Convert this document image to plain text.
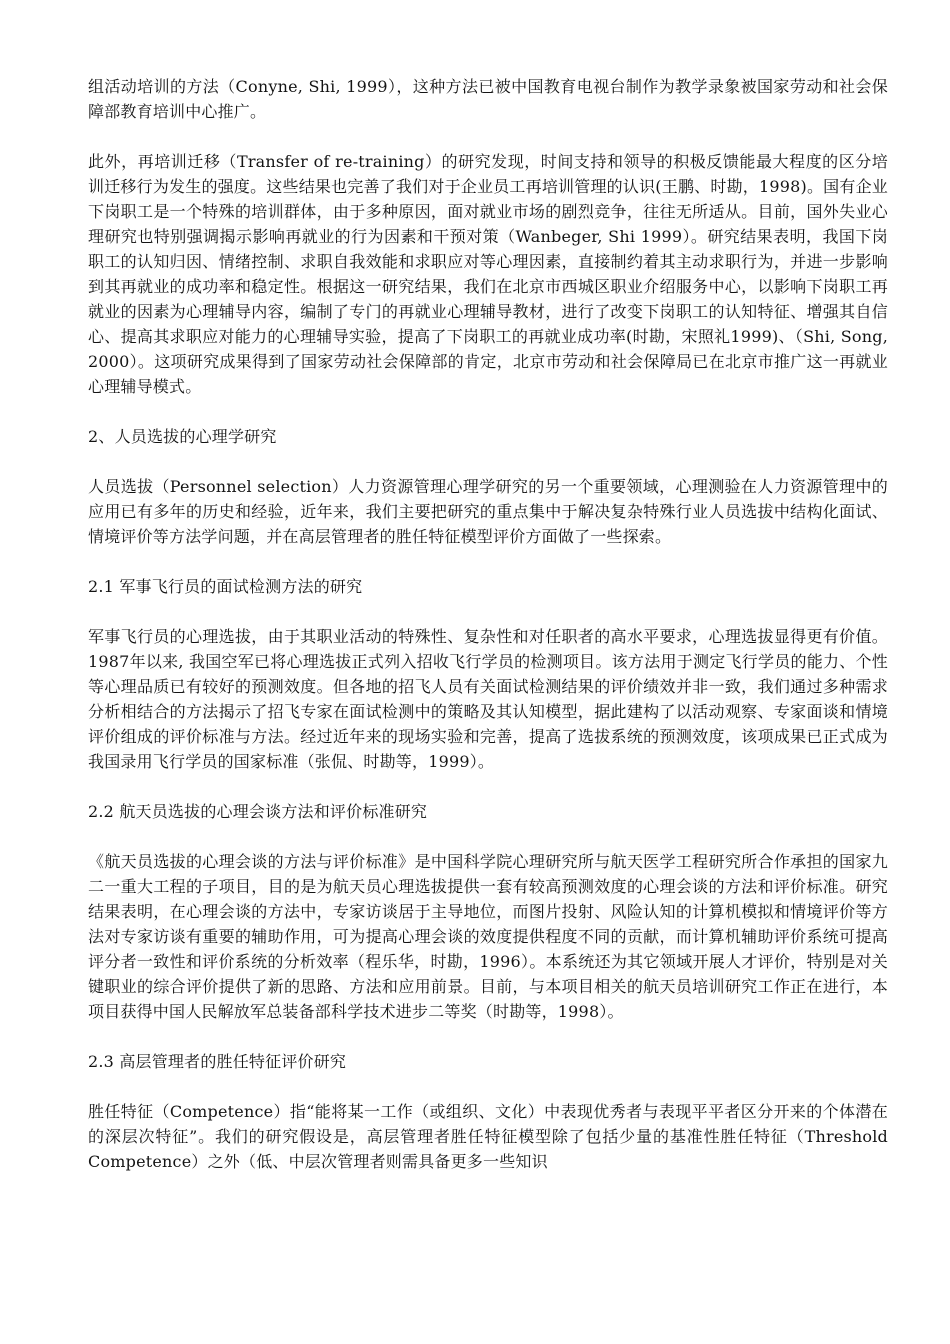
组活动培训的方法（Conyne, Shi, 1999），这种方法已被中国教育电视台制作为教学录象被国家劳动和社会保障部教育培训中心推广。

此外，再培训迁移（Transfer of re-training）的研究发现，时间支持和领导的积极反馈能最大程度的区分培训迁移行为发生的强度。这些结果也完善了我们对于企业员工再培训管理的认识(王鹏、时勘，1998)。国有企业下岗职工是一个特殊的培训群体，由于多种原因，面对就业市场的剧烈竞争，往往无所适从。目前，国外失业心理研究也特别强调揭示影响再就业的行为因素和干预对策（Wanbeger, Shi 1999）。研究结果表明，我国下岗职工的认知归因、情绪控制、求职自我效能和求职应对等心理因素，直接制约着其主动求职行为，并进一步影响到其再就业的成功率和稳定性。根据这一研究结果，我们在北京市西城区职业介绍服务中心，以影响下岗职工再就业的因素为心理辅导内容，编制了专门的再就业心理辅导教材，进行了改变下岗职工的认知特征、增强其自信心、提高其求职应对能力的心理辅导实验，提高了下岗职工的再就业成功率(时勘，宋照礼1999)、（Shi, Song, 2000）。这项研究成果得到了国家劳动社会保障部的肯定，北京市劳动和社会保障局已在北京市推广这一再就业心理辅导模式。

2、人员选拔的心理学研究

人员选拔（Personnel selection）人力资源管理心理学研究的另一个重要领域，心理测验在人力资源管理中的应用已有多年的历史和经验，近年来，我们主要把研究的重点集中于解决复杂特殊行业人员选拔中结构化面试、情境评价等方法学问题，并在高层管理者的胜任特征模型评价方面做了一些探索。

2.1 军事飞行员的面试检测方法的研究

军事飞行员的心理选拔，由于其职业活动的特殊性、复杂性和对任职者的高水平要求，心理选拔显得更有价值。1987年以来, 我国空军已将心理选拔正式列入招收飞行学员的检测项目。该方法用于测定飞行学员的能力、个性等心理品质已有较好的预测效度。但各地的招飞人员有关面试检测结果的评价绩效并非一致，我们通过多种需求分析相结合的方法揭示了招飞专家在面试检测中的策略及其认知模型，据此建构了以活动观察、专家面谈和情境评价组成的评价标准与方法。经过近年来的现场实验和完善，提高了选拔系统的预测效度，该项成果已正式成为我国录用飞行学员的国家标准（张侃、时勘等，1999）。

2.2 航天员选拔的心理会谈方法和评价标准研究

《航天员选拔的心理会谈的方法与评价标准》是中国科学院心理研究所与航天医学工程研究所合作承担的国家九二一重大工程的子项目，目的是为航天员心理选拔提供一套有较高预测效度的心理会谈的方法和评价标准。研究结果表明，在心理会谈的方法中，专家访谈居于主导地位，而图片投射、风险认知的计算机模拟和情境评价等方法对专家访谈有重要的辅助作用，可为提高心理会谈的效度提供程度不同的贡献，而计算机辅助评价系统可提高评分者一致性和评价系统的分析效率（程乐华，时勘，1996）。本系统还为其它领域开展人才评价，特别是对关键职业的综合评价提供了新的思路、方法和应用前景。目前，与本项目相关的航天员培训研究工作正在进行，本项目获得中国人民解放军总装备部科学技术进步二等奖（时勘等，1998）。

2.3 高层管理者的胜任特征评价研究

胜任特征（Competence）指“能将某一工作（或组织、文化）中表现优秀者与表现平平者区分开来的个体潜在的深层次特征”。我们的研究假设是，高层管理者胜任特征模型除了包括少量的基准性胜任特征（Threshold Competence）之外（低、中层次管理者则需具备更多一些知识
